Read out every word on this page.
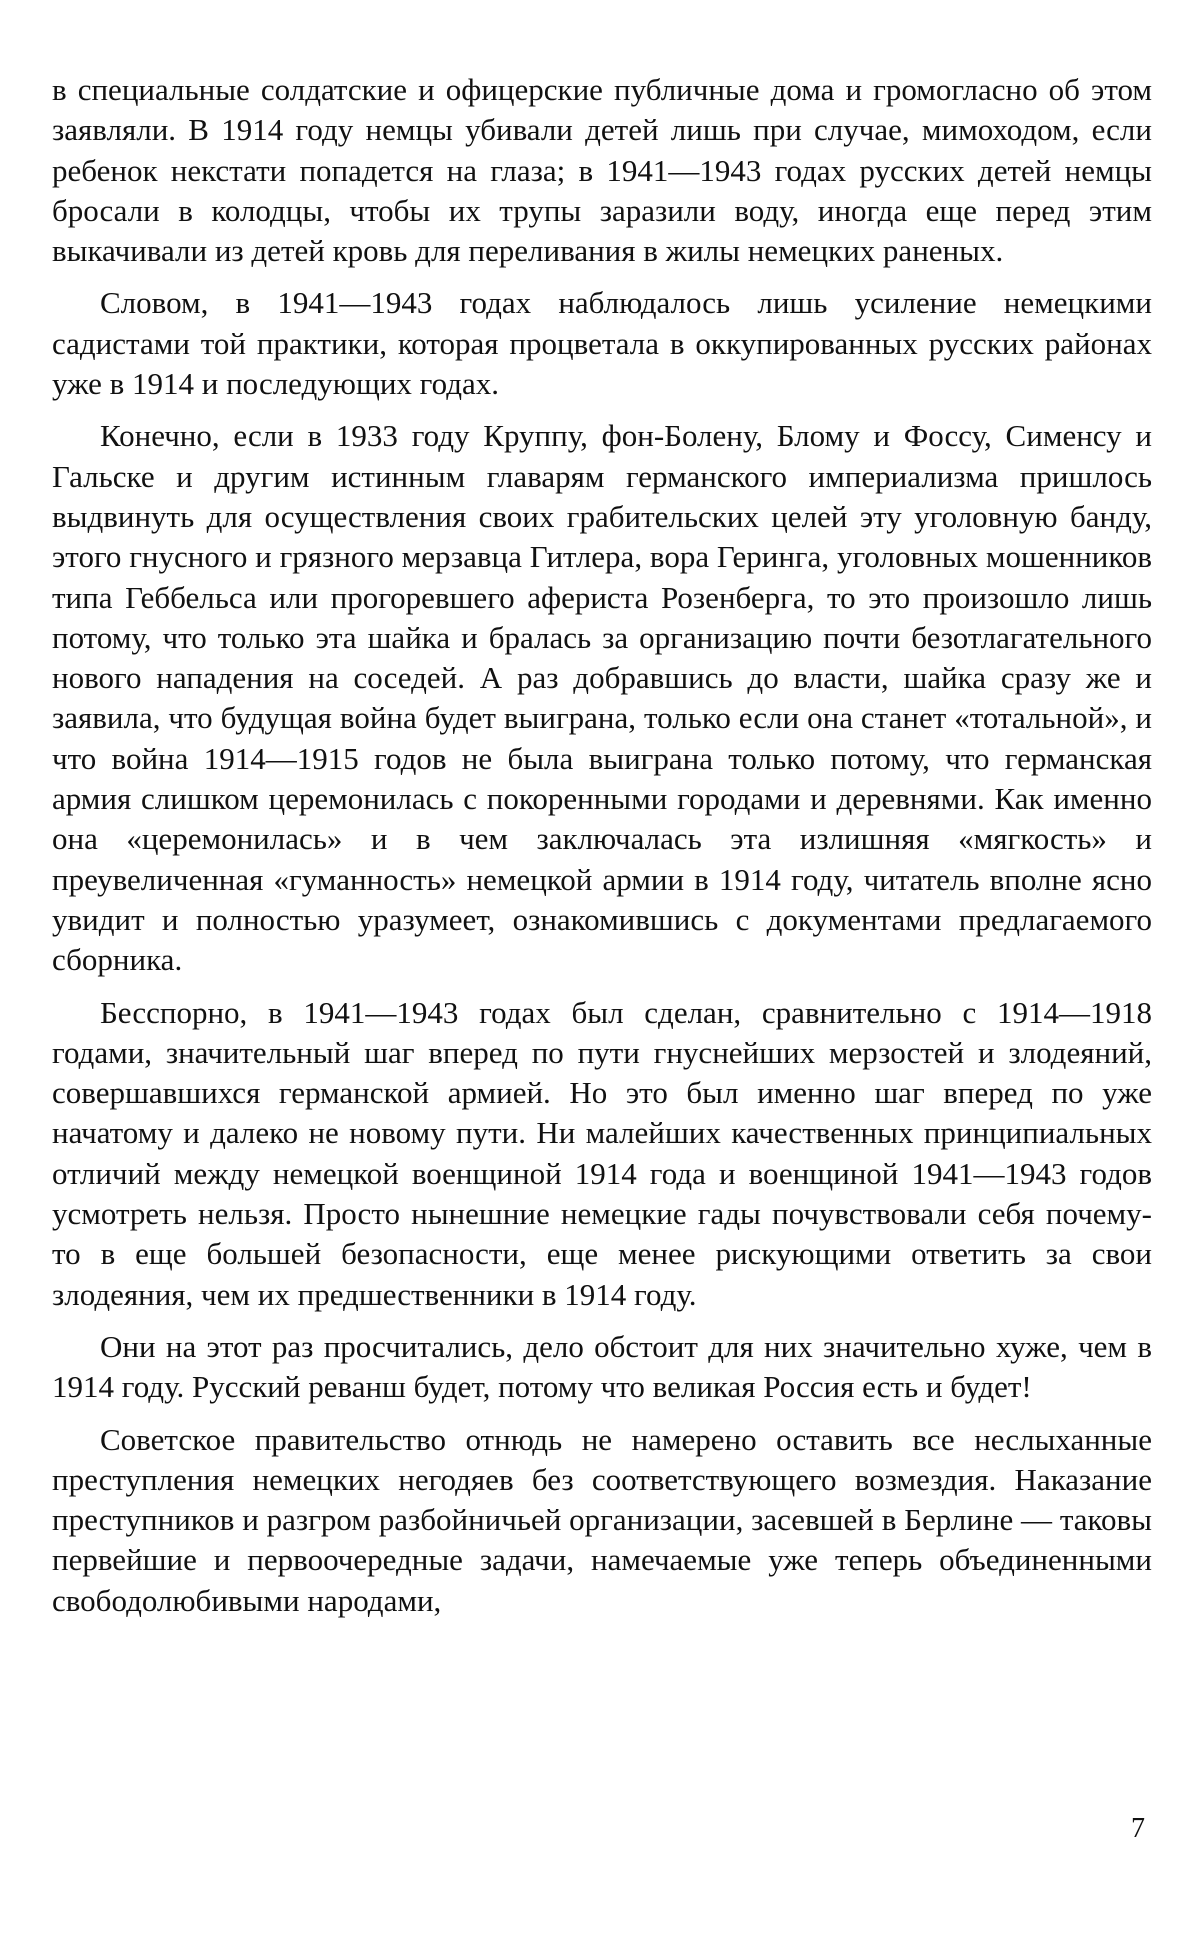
в специальные солдатские и офицерские публичные дома и громогласно об этом заявляли. В 1914 году немцы убивали детей лишь при случае, мимоходом, если ребенок некстати попадется на глаза; в 1941—1943 годах русских детей немцы бросали в колодцы, чтобы их трупы заразили воду, иногда еще перед этим выкачивали из детей кровь для переливания в жилы немецких раненых.

Словом, в 1941—1943 годах наблюдалось лишь усиление немецкими садистами той практики, которая процветала в оккупированных русских районах уже в 1914 и последующих годах.

Конечно, если в 1933 году Круппу, фон-Болену, Блому и Фоссу, Сименсу и Гальске и другим истинным главарям германского империализма пришлось выдвинуть для осуществления своих грабительских целей эту уголовную банду, этого гнусного и грязного мерзавца Гитлера, вора Геринга, уголовных мошенников типа Геббельса или прогоревшего афериста Розенберга, то это произошло лишь потому, что только эта шайка и бралась за организацию почти безотлагательного нового нападения на соседей. А раз добравшись до власти, шайка сразу же и заявила, что будущая война будет выиграна, только если она станет «тотальной», и что война 1914—1915 годов не была выиграна только потому, что германская армия слишком церемонилась с покоренными городами и деревнями. Как именно она «церемонилась» и в чем заключалась эта излишняя «мягкость» и преувеличенная «гуманность» немецкой армии в 1914 году, читатель вполне ясно увидит и полностью уразумеет, ознакомившись с документами предлагаемого сборника.

Бесспорно, в 1941—1943 годах был сделан, сравнительно с 1914—1918 годами, значительный шаг вперед по пути гнуснейших мерзостей и злодеяний, совершавшихся германской армией. Но это был именно шаг вперед по уже начатому и далеко не новому пути. Ни малейших качественных принципиальных отличий между немецкой военщиной 1914 года и военщиной 1941—1943 годов усмотреть нельзя. Просто нынешние немецкие гады почувствовали себя почему-то в еще большей безопасности, еще менее рискующими ответить за свои злодеяния, чем их предшественники в 1914 году.

Они на этот раз просчитались, дело обстоит для них значительно хуже, чем в 1914 году. Русский реванш будет, потому что великая Россия есть и будет!

Советское правительство отнюдь не намерено оставить все неслыханные преступления немецких негодяев без соответствующего возмездия. Наказание преступников и разгром разбойничьей организации, засевшей в Берлине — таковы первейшие и первоочередные задачи, намечаемые уже теперь объединенными свободолюбивыми народами,

7
